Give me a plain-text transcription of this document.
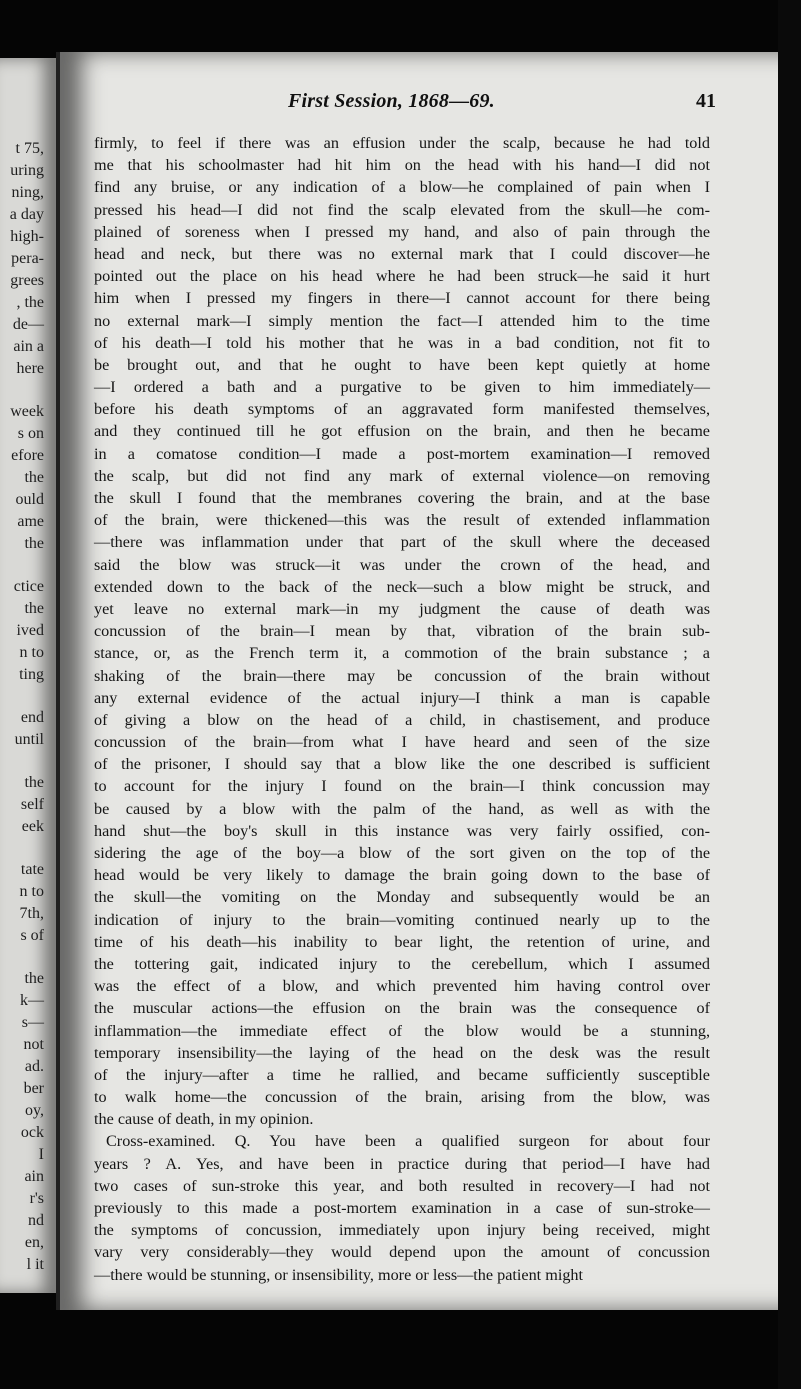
t 75,
uring
ning,
a day
high-
pera-
grees
, the
de—
ain a
here
week
s on
efore
the
ould
ame
the
ctice
the
ived
n to
ting
end
until
the
self
eek
tate
n to
7th,
s of
the
k—
s—
not
ad.
ber
oy,
ock
I
ain
r's
nd
en,
l it
First Session, 1868—69.	41
firmly, to feel if there was an effusion under the scalp, because he had told
me that his schoolmaster had hit him on the head with his hand—I did not
find any bruise, or any indication of a blow—he complained of pain when I
pressed his head—I did not find the scalp elevated from the skull—he com-
plained of soreness when I pressed my hand, and also of pain through the
head and neck, but there was no external mark that I could discover—he
pointed out the place on his head where he had been struck—he said it hurt
him when I pressed my fingers in there—I cannot account for there being
no external mark—I simply mention the fact—I attended him to the time
of his death—I told his mother that he was in a bad condition, not fit to
be brought out, and that he ought to have been kept quietly at home
—I ordered a bath and a purgative to be given to him immediately—
before his death symptoms of an aggravated form manifested themselves,
and they continued till he got effusion on the brain, and then he became
in a comatose condition—I made a post-mortem examination—I removed
the scalp, but did not find any mark of external violence—on removing
the skull I found that the membranes covering the brain, and at the base
of the brain, were thickened—this was the result of extended inflammation
—there was inflammation under that part of the skull where the deceased
said the blow was struck—it was under the crown of the head, and
extended down to the back of the neck—such a blow might be struck, and
yet leave no external mark—in my judgment the cause of death was
concussion of the brain—I mean by that, vibration of the brain sub-
stance, or, as the French term it, a commotion of the brain substance ; a
shaking of the brain—there may be concussion of the brain without
any external evidence of the actual injury—I think a man is capable
of giving a blow on the head of a child, in chastisement, and produce
concussion of the brain—from what I have heard and seen of the size
of the prisoner, I should say that a blow like the one described is sufficient
to account for the injury I found on the brain—I think concussion may
be caused by a blow with the palm of the hand, as well as with the
hand shut—the boy's skull in this instance was very fairly ossified, con-
sidering the age of the boy—a blow of the sort given on the top of the
head would be very likely to damage the brain going down to the base of
the skull—the vomiting on the Monday and subsequently would be an
indication of injury to the brain—vomiting continued nearly up to the
time of his death—his inability to bear light, the retention of urine, and
the tottering gait, indicated injury to the cerebellum, which I assumed
was the effect of a blow, and which prevented him having control over
the muscular actions—the effusion on the brain was the consequence of
inflammation—the immediate effect of the blow would be a stunning,
temporary insensibility—the laying of the head on the desk was the result
of the injury—after a time he rallied, and became sufficiently susceptible
to walk home—the concussion of the brain, arising from the blow, was
the cause of death, in my opinion.
Cross-examined. Q. You have been a qualified surgeon for about four
years ? A. Yes, and have been in practice during that period—I have had
two cases of sun-stroke this year, and both resulted in recovery—I had not
previously to this made a post-mortem examination in a case of sun-stroke—
the symptoms of concussion, immediately upon injury being received, might
vary very considerably—they would depend upon the amount of concussion
—there would be stunning, or insensibility, more or less—the patient might
